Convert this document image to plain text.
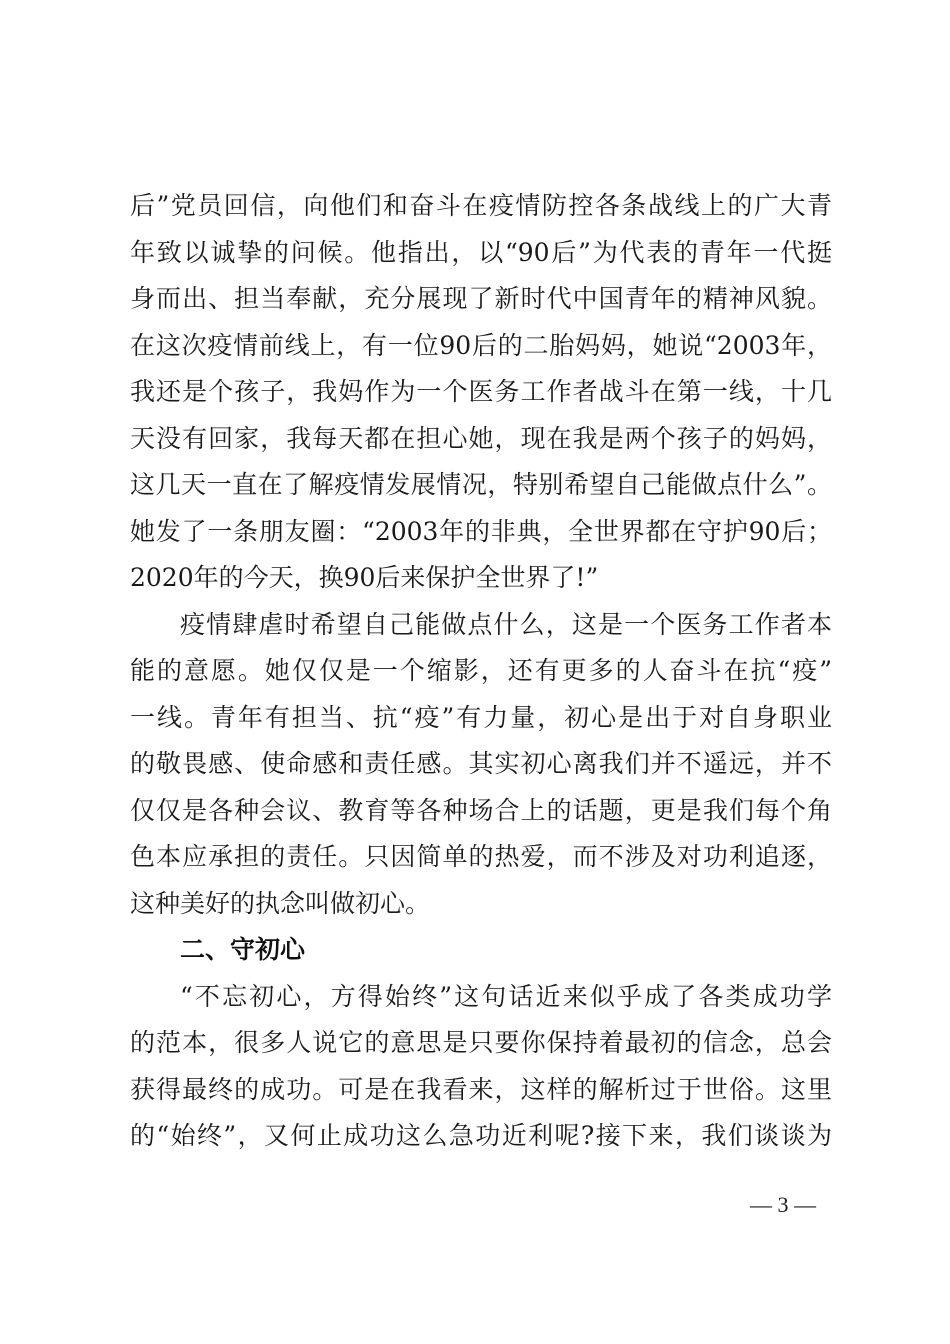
后”党员回信，向他们和奋斗在疫情防控各条战线上的广大青
年致以诚挚的问候。他指出，以“90后”为代表的青年一代挺
身而出、担当奉献，充分展现了新时代中国青年的精神风貌。
在这次疫情前线上，有一位90后的二胎妈妈，她说“2003年，
我还是个孩子，我妈作为一个医务工作者战斗在第一线，十几
天没有回家，我每天都在担心她，现在我是两个孩子的妈妈，
这几天一直在了解疫情发展情况，特别希望自己能做点什么”。
她发了一条朋友圈：“2003年的非典，全世界都在守护90后；
2020年的今天，换90后来保护全世界了!”
疫情肆虐时希望自己能做点什么，这是一个医务工作者本
能的意愿。她仅仅是一个缩影，还有更多的人奋斗在抗“疫”
一线。青年有担当、抗“疫”有力量，初心是出于对自身职业
的敬畏感、使命感和责任感。其实初心离我们并不遥远，并不
仅仅是各种会议、教育等各种场合上的话题，更是我们每个角
色本应承担的责任。只因简单的热爱，而不涉及对功利追逐，
这种美好的执念叫做初心。
二、守初心
“不忘初心，方得始终”这句话近来似乎成了各类成功学
的范本，很多人说它的意思是只要你保持着最初的信念，总会
获得最终的成功。可是在我看来，这样的解析过于世俗。这里
的“始终”，又何止成功这么急功近利呢?接下来，我们谈谈为
— 3 —
